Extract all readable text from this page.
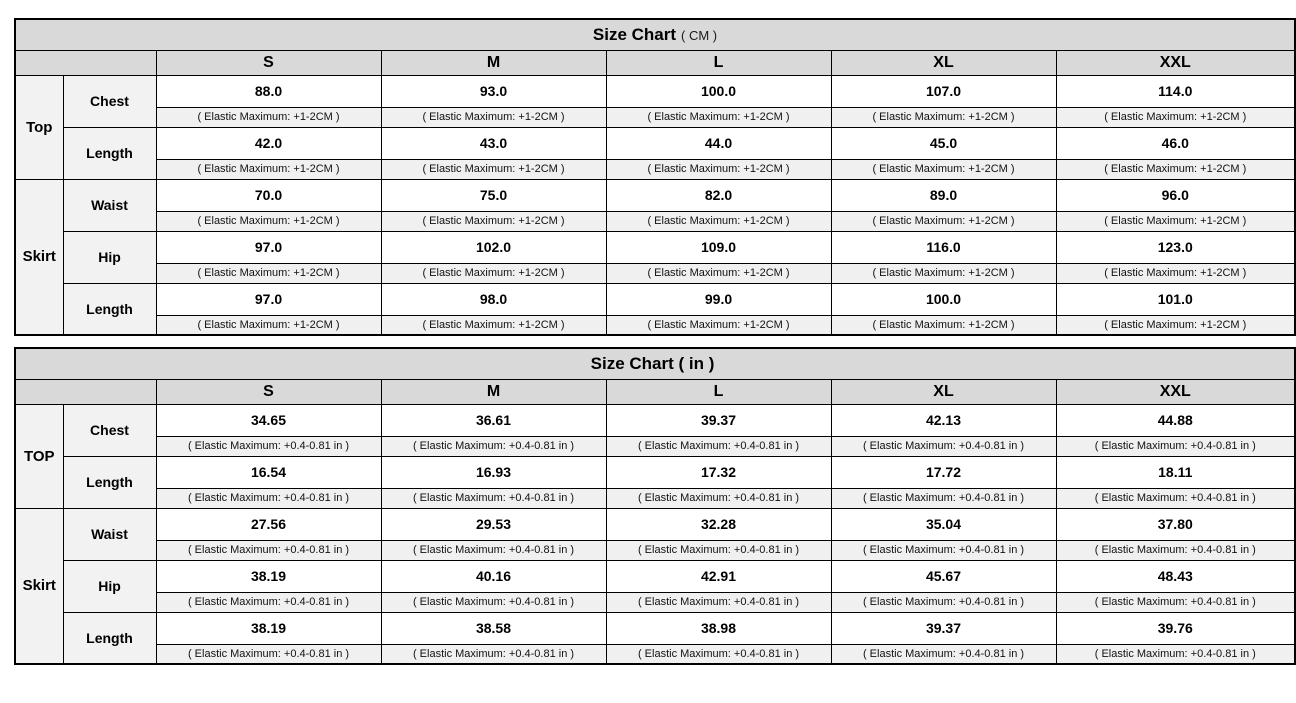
Size Chart ( CM )						
		S	M	L	XL	XXL
Top	Chest	88.0	93.0	100.0	107.0	114.0
		( Elastic Maximum: +1-2CM )	( Elastic Maximum: +1-2CM )	( Elastic Maximum: +1-2CM )	( Elastic Maximum: +1-2CM )	( Elastic Maximum: +1-2CM )
	Length	42.0	43.0	44.0	45.0	46.0
		( Elastic Maximum: +1-2CM )	( Elastic Maximum: +1-2CM )	( Elastic Maximum: +1-2CM )	( Elastic Maximum: +1-2CM )	( Elastic Maximum: +1-2CM )
Skirt	Waist	70.0	75.0	82.0	89.0	96.0
		( Elastic Maximum: +1-2CM )	( Elastic Maximum: +1-2CM )	( Elastic Maximum: +1-2CM )	( Elastic Maximum: +1-2CM )	( Elastic Maximum: +1-2CM )
	Hip	97.0	102.0	109.0	116.0	123.0
		( Elastic Maximum: +1-2CM )	( Elastic Maximum: +1-2CM )	( Elastic Maximum: +1-2CM )	( Elastic Maximum: +1-2CM )	( Elastic Maximum: +1-2CM )
	Length	97.0	98.0	99.0	100.0	101.0
		( Elastic Maximum: +1-2CM )	( Elastic Maximum: +1-2CM )	( Elastic Maximum: +1-2CM )	( Elastic Maximum: +1-2CM )	( Elastic Maximum: +1-2CM )
Size Chart ( in )						
		S	M	L	XL	XXL
TOP	Chest	34.65	36.61	39.37	42.13	44.88
		( Elastic Maximum: +0.4-0.81 in )	( Elastic Maximum: +0.4-0.81 in )	( Elastic Maximum: +0.4-0.81 in )	( Elastic Maximum: +0.4-0.81 in )	( Elastic Maximum: +0.4-0.81 in )
	Length	16.54	16.93	17.32	17.72	18.11
		( Elastic Maximum: +0.4-0.81 in )	( Elastic Maximum: +0.4-0.81 in )	( Elastic Maximum: +0.4-0.81 in )	( Elastic Maximum: +0.4-0.81 in )	( Elastic Maximum: +0.4-0.81 in )
Skirt	Waist	27.56	29.53	32.28	35.04	37.80
		( Elastic Maximum: +0.4-0.81 in )	( Elastic Maximum: +0.4-0.81 in )	( Elastic Maximum: +0.4-0.81 in )	( Elastic Maximum: +0.4-0.81 in )	( Elastic Maximum: +0.4-0.81 in )
	Hip	38.19	40.16	42.91	45.67	48.43
		( Elastic Maximum: +0.4-0.81 in )	( Elastic Maximum: +0.4-0.81 in )	( Elastic Maximum: +0.4-0.81 in )	( Elastic Maximum: +0.4-0.81 in )	( Elastic Maximum: +0.4-0.81 in )
	Length	38.19	38.58	38.98	39.37	39.76
		( Elastic Maximum: +0.4-0.81 in )	( Elastic Maximum: +0.4-0.81 in )	( Elastic Maximum: +0.4-0.81 in )	( Elastic Maximum: +0.4-0.81 in )	( Elastic Maximum: +0.4-0.81 in )
